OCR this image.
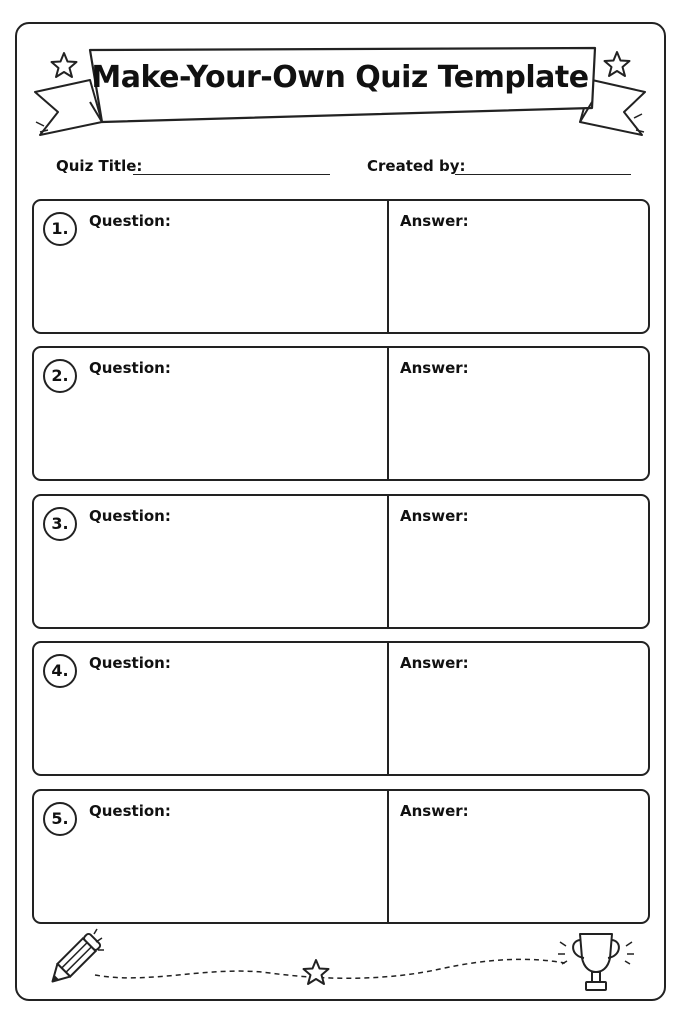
Make-Your-Own Quiz Template
Quiz Title:	Created by:
1.	Question:	Answer:
2.	Question:	Answer:
3.	Question:	Answer:
4.	Question:	Answer:
5.	Question:	Answer:
